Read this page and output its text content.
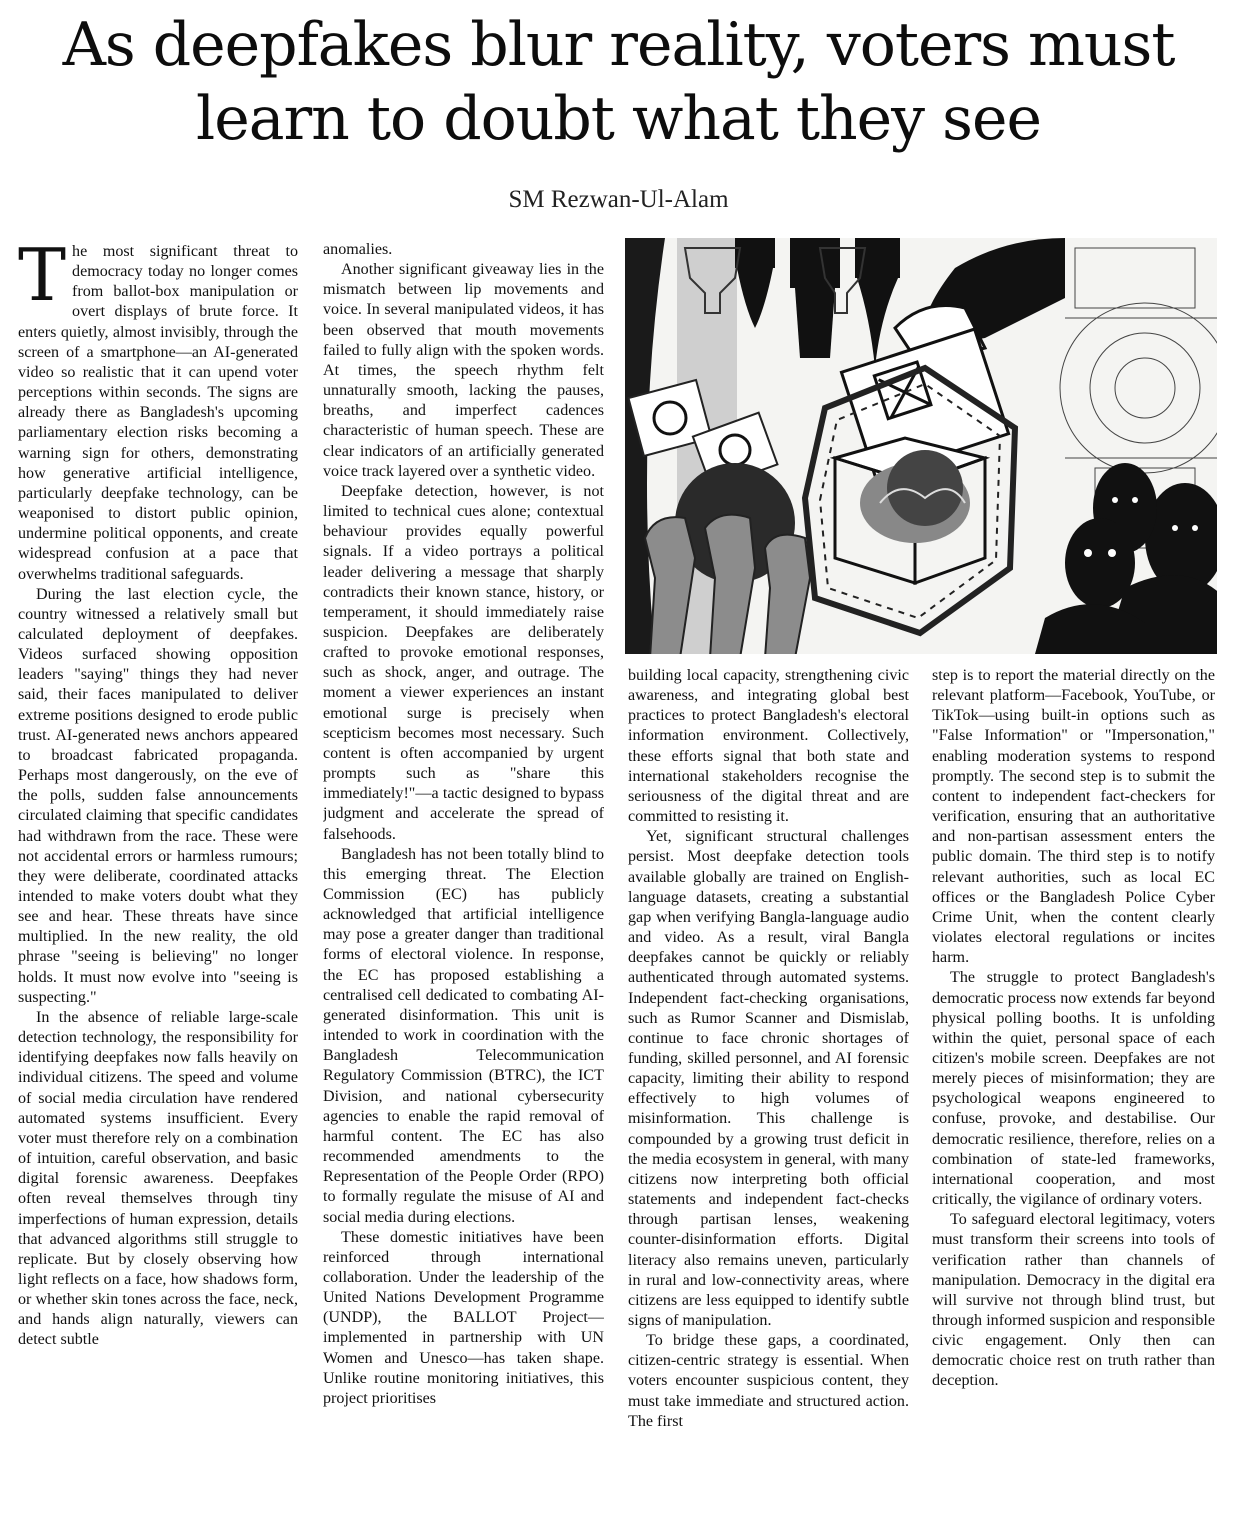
As deepfakes blur reality, voters must learn to doubt what they see
SM Rezwan-Ul-Alam

The most significant threat to democracy today no longer comes from ballot-box manipulation or overt displays of brute force. It enters quietly, almost invisibly, through the screen of a smartphone—an AI-generated video so realistic that it can upend voter perceptions within seconds. The signs are already there as Bangladesh's upcoming parliamentary election risks becoming a warning sign for others, demonstrating how generative artificial intelligence, particularly deepfake technology, can be weaponised to distort public opinion, undermine political opponents, and create widespread confusion at a pace that overwhelms traditional safeguards.

During the last election cycle, the country witnessed a relatively small but calculated deployment of deepfakes. Videos surfaced showing opposition leaders "saying" things they had never said, their faces manipulated to deliver extreme positions designed to erode public trust. AI-generated news anchors appeared to broadcast fabricated propaganda. Perhaps most dangerously, on the eve of the polls, sudden false announcements circulated claiming that specific candidates had withdrawn from the race. These were not accidental errors or harmless rumours; they were deliberate, coordinated attacks intended to make voters doubt what they see and hear. These threats have since multiplied. In the new reality, the old phrase "seeing is believing" no longer holds. It must now evolve into "seeing is suspecting."

In the absence of reliable large-scale detection technology, the responsibility for identifying deepfakes now falls heavily on individual citizens. The speed and volume of social media circulation have rendered automated systems insufficient. Every voter must therefore rely on a combination of intuition, careful observation, and basic digital forensic awareness. Deepfakes often reveal themselves through tiny imperfections of human expression, details that advanced algorithms still struggle to replicate. But by closely observing how light reflects on a face, how shadows form, or whether skin tones across the face, neck, and hands align naturally, viewers can detect subtle

anomalies.

Another significant giveaway lies in the mismatch between lip movements and voice. In several manipulated videos, it has been observed that mouth movements failed to fully align with the spoken words. At times, the speech rhythm felt unnaturally smooth, lacking the pauses, breaths, and imperfect cadences characteristic of human speech. These are clear indicators of an artificially generated voice track layered over a synthetic video.

Deepfake detection, however, is not limited to technical cues alone; contextual behaviour provides equally powerful signals. If a video portrays a political leader delivering a message that sharply contradicts their known stance, history, or temperament, it should immediately raise suspicion. Deepfakes are deliberately crafted to provoke emotional responses, such as shock, anger, and outrage. The moment a viewer experiences an instant emotional surge is precisely when scepticism becomes most necessary. Such content is often accompanied by urgent prompts such as "share this immediately!"—a tactic designed to bypass judgment and accelerate the spread of falsehoods.

Bangladesh has not been totally blind to this emerging threat. The Election Commission (EC) has publicly acknowledged that artificial intelligence may pose a greater danger than traditional forms of electoral violence. In response, the EC has proposed establishing a centralised cell dedicated to combating AI-generated disinformation. This unit is intended to work in coordination with the Bangladesh Telecommunication Regulatory Commission (BTRC), the ICT Division, and national cybersecurity agencies to enable the rapid removal of harmful content. The EC has also recommended amendments to the Representation of the People Order (RPO) to formally regulate the misuse of AI and social media during elections.

These domestic initiatives have been reinforced through international collaboration. Under the leadership of the United Nations Development Programme (UNDP), the BALLOT Project—implemented in partnership with UN Women and Unesco—has taken shape. Unlike routine monitoring initiatives, this project prioritises

building local capacity, strengthening civic awareness, and integrating global best practices to protect Bangladesh's electoral information environment. Collectively, these efforts signal that both state and international stakeholders recognise the seriousness of the digital threat and are committed to resisting it.

Yet, significant structural challenges persist. Most deepfake detection tools available globally are trained on English-language datasets, creating a substantial gap when verifying Bangla-language audio and video. As a result, viral Bangla deepfakes cannot be quickly or reliably authenticated through automated systems. Independent fact-checking organisations, such as Rumor Scanner and Dismislab, continue to face chronic shortages of funding, skilled personnel, and AI forensic capacity, limiting their ability to respond effectively to high volumes of misinformation. This challenge is compounded by a growing trust deficit in the media ecosystem in general, with many citizens now interpreting both official statements and independent fact-checks through partisan lenses, weakening counter-disinformation efforts. Digital literacy also remains uneven, particularly in rural and low-connectivity areas, where citizens are less equipped to identify subtle signs of manipulation.

To bridge these gaps, a coordinated, citizen-centric strategy is essential. When voters encounter suspicious content, they must take immediate and structured action. The first

step is to report the material directly on the relevant platform—Facebook, YouTube, or TikTok—using built-in options such as "False Information" or "Impersonation," enabling moderation systems to respond promptly. The second step is to submit the content to independent fact-checkers for verification, ensuring that an authoritative and non-partisan assessment enters the public domain. The third step is to notify relevant authorities, such as local EC offices or the Bangladesh Police Cyber Crime Unit, when the content clearly violates electoral regulations or incites harm.

The struggle to protect Bangladesh's democratic process now extends far beyond physical polling booths. It is unfolding within the quiet, personal space of each citizen's mobile screen. Deepfakes are not merely pieces of misinformation; they are psychological weapons engineered to confuse, provoke, and destabilise. Our democratic resilience, therefore, relies on a combination of state-led frameworks, international cooperation, and most critically, the vigilance of ordinary voters.

To safeguard electoral legitimacy, voters must transform their screens into tools of verification rather than channels of manipulation. Democracy in the digital era will survive not through blind trust, but through informed suspicion and responsible civic engagement. Only then can democratic choice rest on truth rather than deception.
